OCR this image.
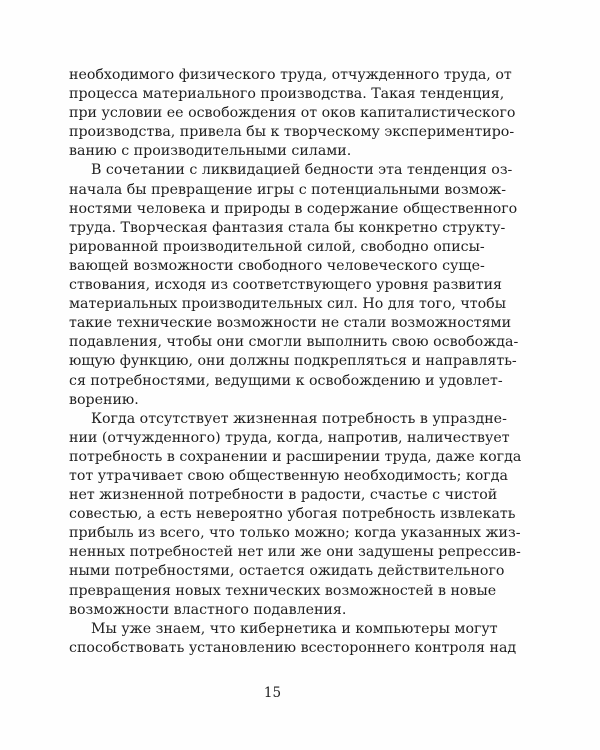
необходимого физического труда, отчужденного труда, от
процесса материального производства. Такая тенденция,
при условии ее освобождения от оков капиталистического
производства, привела бы к творческому экспериментиро-
ванию с производительными силами.
В сочетании с ликвидацией бедности эта тенденция оз-
начала бы превращение игры с потенциальными возмож-
ностями человека и природы в содержание общественного
труда. Творческая фантазия стала бы конкретно структу-
рированной производительной силой, свободно описы-
вающей возможности свободного человеческого суще-
ствования, исходя из соответствующего уровня развития
материальных производительных сил. Но для того, чтобы
такие технические возможности не стали возможностями
подавления, чтобы они смогли выполнить свою освобожда-
ющую функцию, они должны подкрепляться и направлять-
ся потребностями, ведущими к освобождению и удовлет-
ворению.
Когда отсутствует жизненная потребность в упраздне-
нии (отчужденного) труда, когда, напротив, наличествует
потребность в сохранении и расширении труда, даже когда
тот утрачивает свою общественную необходимость; когда
нет жизненной потребности в радости, счастье с чистой
совестью, а есть невероятно убогая потребность извлекать
прибыль из всего, что только можно; когда указанных жиз-
ненных потребностей нет или же они задушены репрессив-
ными потребностями, остается ожидать действительного
превращения новых технических возможностей в новые
возможности властного подавления.
Мы уже знаем, что кибернетика и компьютеры могут
способствовать установлению всестороннего контроля над
15
